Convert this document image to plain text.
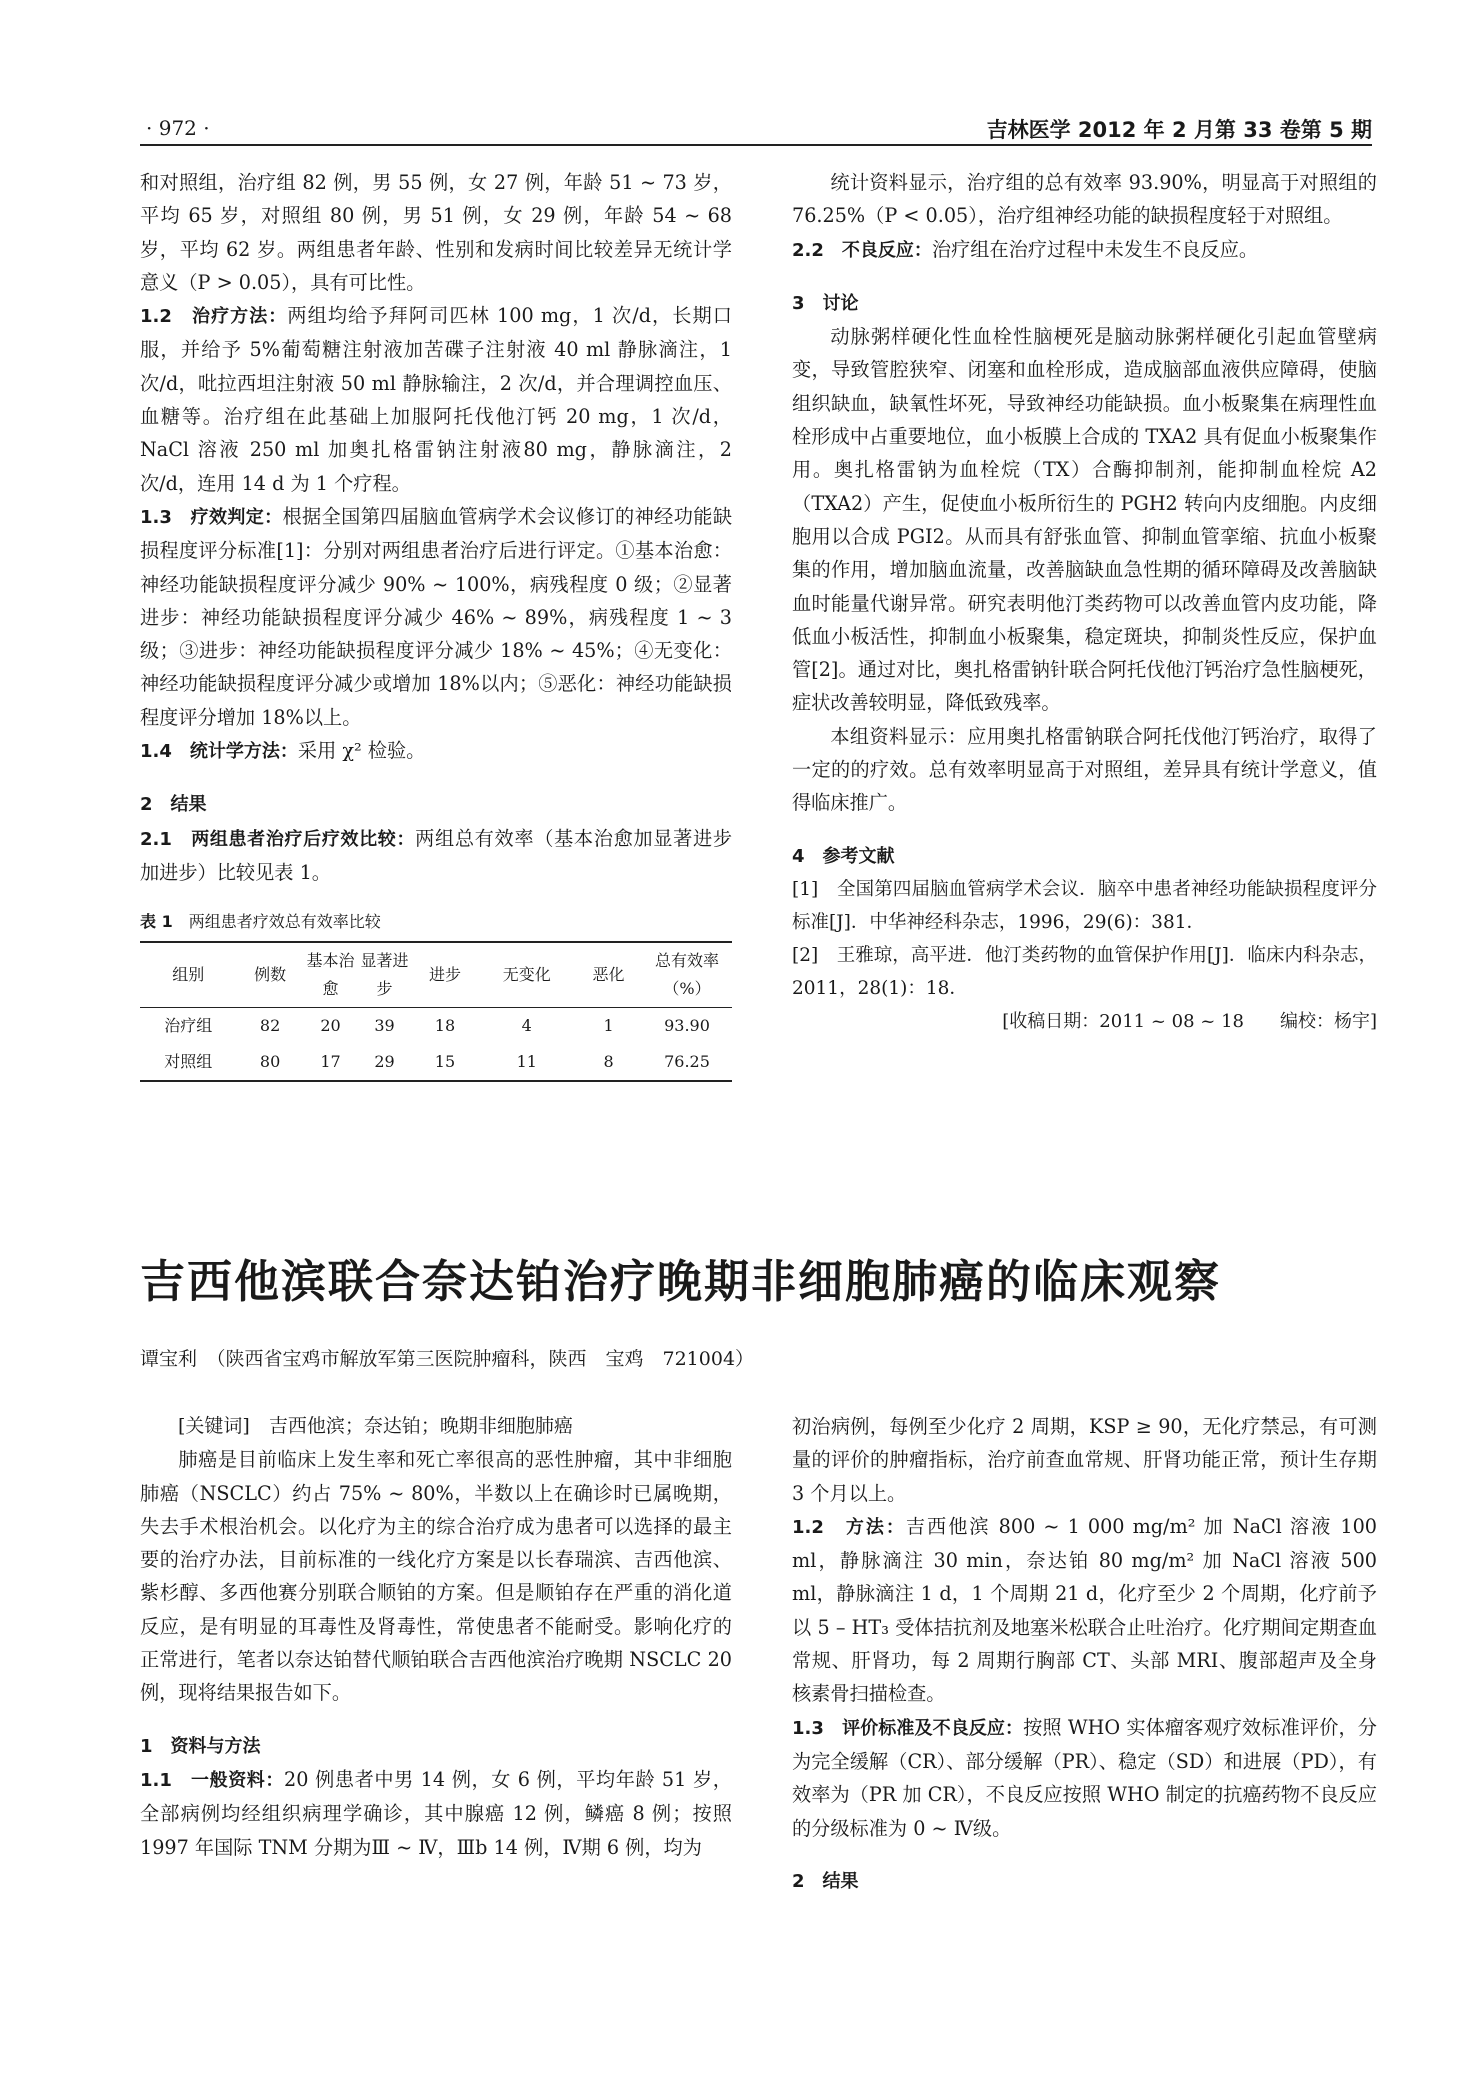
· 972 ·	吉林医学 2012 年 2 月第 33 卷第 5 期

和对照组，治疗组 82 例，男 55 例，女 27 例，年龄 51 ~ 73 岁，平均 65 岁，对照组 80 例，男 51 例，女 29 例，年龄 54 ~ 68 岁，平均 62 岁。两组患者年龄、性别和发病时间比较差异无统计学意义（P > 0.05），具有可比性。

1.2　治疗方法：两组均给予拜阿司匹林 100 mg，1 次/d，长期口服，并给予 5%葡萄糖注射液加苦碟子注射液 40 ml 静脉滴注，1 次/d，吡拉西坦注射液 50 ml 静脉输注，2 次/d，并合理调控血压、血糖等。治疗组在此基础上加服阿托伐他汀钙 20 mg，1 次/d，NaCl 溶液 250 ml 加奥扎格雷钠注射液80 mg，静脉滴注，2 次/d，连用 14 d 为 1 个疗程。

1.3　疗效判定：根据全国第四届脑血管病学术会议修订的神经功能缺损程度评分标准[1]：分别对两组患者治疗后进行评定。①基本治愈：神经功能缺损程度评分减少 90% ~ 100%，病残程度 0 级；②显著进步：神经功能缺损程度评分减少 46% ~ 89%，病残程度 1 ~ 3 级；③进步：神经功能缺损程度评分减少 18% ~ 45%；④无变化：神经功能缺损程度评分减少或增加 18%以内；⑤恶化：神经功能缺损程度评分增加 18%以上。

1.4　统计学方法：采用 χ² 检验。

2　结果

2.1　两组患者治疗后疗效比较：两组总有效率（基本治愈加显著进步加进步）比较见表 1。

表 1　 两组患者疗效总有效率比较

组别	例数	基本治愈	显著进步	进步	无变化	恶化	总有效率（%）
治疗组	82	20	39	18	4	1	93.90
对照组	80	17	29	15	11	8	76.25

统计资料显示，治疗组的总有效率 93.90%，明显高于对照组的 76.25%（P < 0.05），治疗组神经功能的缺损程度轻于对照组。

2.2　不良反应：治疗组在治疗过程中未发生不良反应。

3　讨论

动脉粥样硬化性血栓性脑梗死是脑动脉粥样硬化引起血管壁病变，导致管腔狭窄、闭塞和血栓形成，造成脑部血液供应障碍，使脑组织缺血，缺氧性坏死，导致神经功能缺损。血小板聚集在病理性血栓形成中占重要地位，血小板膜上合成的 TXA2 具有促血小板聚集作用。奥扎格雷钠为血栓烷（TX）合酶抑制剂，能抑制血栓烷 A2（TXA2）产生，促使血小板所衍生的 PGH2 转向内皮细胞。内皮细胞用以合成 PGI2。从而具有舒张血管、抑制血管挛缩、抗血小板聚集的作用，增加脑血流量，改善脑缺血急性期的循环障碍及改善脑缺血时能量代谢异常。研究表明他汀类药物可以改善血管内皮功能，降低血小板活性，抑制血小板聚集，稳定斑块，抑制炎性反应，保护血管[2]。通过对比，奥扎格雷钠针联合阿托伐他汀钙治疗急性脑梗死，症状改善较明显，降低致残率。

本组资料显示：应用奥扎格雷钠联合阿托伐他汀钙治疗，取得了一定的的疗效。总有效率明显高于对照组，差异具有统计学意义，值得临床推广。

4　参考文献

[1]　全国第四届脑血管病学术会议．脑卒中患者神经功能缺损程度评分标准[J]．中华神经科杂志，1996，29(6)：381．

[2]　王雅琼，高平进．他汀类药物的血管保护作用[J]．临床内科杂志，2011，28(1)：18．

[收稿日期：2011 ~ 08 ~ 18　　编校：杨宇]

吉西他滨联合奈达铂治疗晚期非细胞肺癌的临床观察
谭宝利　（陕西省宝鸡市解放军第三医院肿瘤科，陕西　宝鸡　721004）

[关键词]　 吉西他滨；奈达铂；晚期非细胞肺癌

肺癌是目前临床上发生率和死亡率很高的恶性肿瘤，其中非细胞肺癌（NSCLC）约占 75% ~ 80%，半数以上在确诊时已属晚期，失去手术根治机会。以化疗为主的综合治疗成为患者可以选择的最主要的治疗办法，目前标准的一线化疗方案是以长春瑞滨、吉西他滨、紫杉醇、多西他赛分别联合顺铂的方案。但是顺铂存在严重的消化道反应，是有明显的耳毒性及肾毒性，常使患者不能耐受。影响化疗的正常进行，笔者以奈达铂替代顺铂联合吉西他滨治疗晚期 NSCLC 20 例，现将结果报告如下。

1　资料与方法

1.1　一般资料：20 例患者中男 14 例，女 6 例，平均年龄 51 岁，全部病例均经组织病理学确诊，其中腺癌 12 例，鳞癌 8 例；按照 1997 年国际 TNM 分期为Ⅲ ~ Ⅳ，Ⅲb 14 例，Ⅳ期 6 例，均为

初治病例，每例至少化疗 2 周期，KSP ≥ 90，无化疗禁忌，有可测量的评价的肿瘤指标，治疗前查血常规、肝肾功能正常，预计生存期 3 个月以上。

1.2　方法：吉西他滨 800 ~ 1 000 mg/m² 加 NaCl 溶液 100 ml，静脉滴注 30 min，奈达铂 80 mg/m² 加 NaCl 溶液 500 ml，静脉滴注 1 d，1 个周期 21 d，化疗至少 2 个周期，化疗前予以 5 – HT₃ 受体拮抗剂及地塞米松联合止吐治疗。化疗期间定期查血常规、肝肾功，每 2 周期行胸部 CT、头部 MRI、腹部超声及全身核素骨扫描检查。

1.3　评价标准及不良反应：按照 WHO 实体瘤客观疗效标准评价，分为完全缓解（CR）、部分缓解（PR）、稳定（SD）和进展（PD），有效率为（PR 加 CR），不良反应按照 WHO 制定的抗癌药物不良反应的分级标准为 0 ~ Ⅳ级。

2　结果
